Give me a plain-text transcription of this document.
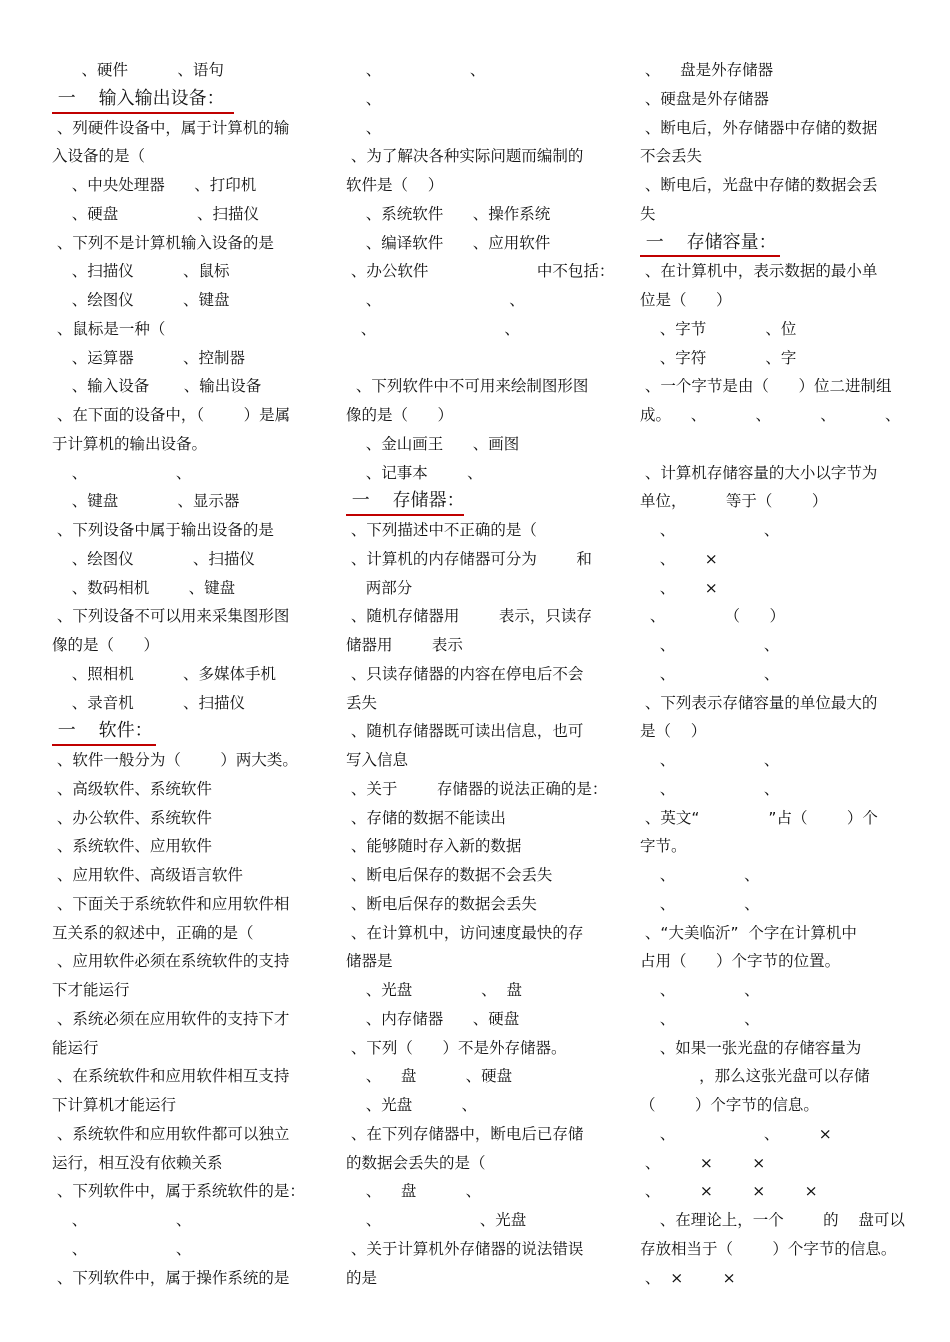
、硬件          、语句
一    输入输出设备：
、列硬件设备中，属于计算机的输
入设备的是（
、中央处理器      、打印机
、硬盘                、扫描仪
、下列不是计算机输入设备的是
、扫描仪          、鼠标
、绘图仪          、键盘
、鼠标是一种（
、运算器          、控制器
、输入设备       、输出设备
、在下面的设备中，（        ）是属
于计算机的输出设备。
、                  、
、键盘            、显示器
、下列设备中属于输出设备的是
、绘图仪            、扫描仪
、数码相机        、键盘
、下列设备不可以用来采集图形图
像的是（      ）
、照相机          、多媒体手机
、录音机          、扫描仪
一    软件：
、软件一般分为（        ）两大类。
、高级软件、系统软件
、办公软件、系统软件
、系统软件、应用软件
、应用软件、高级语言软件
、下面关于系统软件和应用软件相
互关系的叙述中，正确的是（
、应用软件必须在系统软件的支持
下才能运行
、系统必须在应用软件的支持下才
能运行
、在系统软件和应用软件相互支持
下计算机才能运行
、系统软件和应用软件都可以独立
运行，相互没有依赖关系
、下列软件中，属于系统软件的是：
、                  、
、                  、
、下列软件中，属于操作系统的是
、                  、
、
、
、为了解决各种实际问题而编制的
软件是（    ）
、系统软件      、操作系统
、编译软件      、应用软件
、办公软件                      中不包括：
、                          、
、                          、
、下列软件中不可用来绘制图形图
像的是（      ）
、金山画王      、画图
、记事本        、
一    存储器：
、下列描述中不正确的是（
、计算机的内存储器可分为        和
两部分
、随机存储器用        表示，只读存
储器用        表示
、只读存储器的内容在停电后不会
丢失
、随机存储器既可读出信息，也可
写入信息
、关于        存储器的说法正确的是：
、存储的数据不能读出
、能够随时存入新的数据
、断电后保存的数据不会丢失
、断电后保存的数据会丢失
、在计算机中，访问速度最快的存
储器是
、光盘              、  盘
、内存储器      、硬盘
、下列（      ）不是外存储器。
、    盘          、硬盘
、光盘          、
、在下列存储器中，断电后已存储
的数据会丢失的是（
、    盘          、
、                    、光盘
、关于计算机外存储器的说法错误
的是
、    盘是外存储器
、硬盘是外存储器
、断电后，外存储器中存储的数据
不会丢失
、断电后，光盘中存储的数据会丢
失
一    存储容量：
、在计算机中，表示数据的最小单
位是（      ）
、字节            、位
、字符            、字
、一个字节是由（      ）位二进制组
成。    、          、          、          、
、计算机存储容量的大小以字节为
单位，        等于（        ）
、                  、
、      ×
、      ×
、            （      ）
、                  、
、                  、
、下列表示存储容量的单位最大的
是（    ）
、                  、
、                  、
、英文“              ”占（        ）个
字节。
、              、
、              、
、“大美临沂”  个字在计算机中
占用（      ）个字节的位置。
、              、
、              、
、如果一张光盘的存储容量为
，那么这张光盘可以存储
（        ）个字节的信息。
、                  、        ×
、        ×        ×
、        ×        ×        ×
、在理论上，一个        的    盘可以
存放相当于（        ）个字节的信息。
、  ×        ×
